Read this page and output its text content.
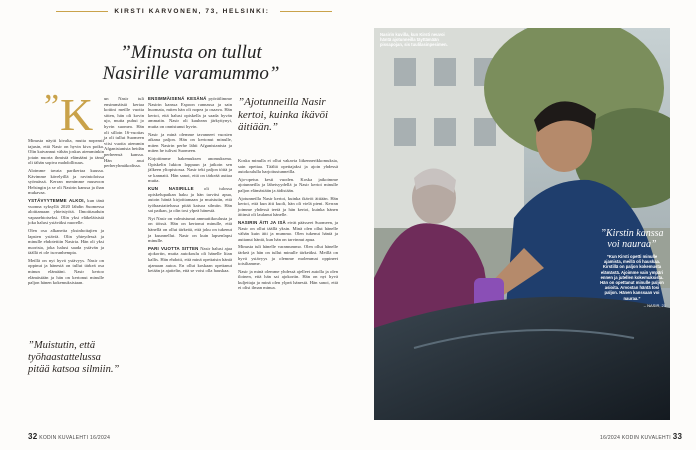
KIRSTI KARVONEN, 73, HELSINKI:
”Minusta on tullut
Nasirille varamummo”
” K

Minusta näytti kivalta, mutta nopeasti tajusin, että Nasir on hyvin kiva poika. Olin kaivannut vähän joskus aiemminkin jotain nuorta ihmistä elämääni ja tämä oli tähän sopiva mahdollisuus.

Aloimme tavata parikertaa kuussa. Kävimme kävelyillä ja ravintoloissa syömässä. Kerran menimme museoon Helsingin ja se oli Nasirin kanssa ja ihan mukavaa.

YSTÄVYYTEMME ALKOI, kun tänä vuonna syksyllä 2020 lähdin Suomessa aloittamaan yhteistyötä. Ilmoittauduin vapaaehtoiseksi. Olin yksi eläkeläisistä joka halusi ystäväksi nuorelle.

Olen osa alkaneita yksinhoitajien ja lapsien ystäviä. Olin yhteydessä ja minulle ehdotettiin Nasiria. Hän oli yksi nuorista, joka halusi saada ystävän ja täällä ei ole isovanhempia.

Meillä on nyt hyvä ystävyys. Nasir on oppinut ja hänestä on tullut tärkeä osa minun elämääni. Nasir kertoo elämästään ja hän on kertonut minulle paljon hänen kokemuksistaan.

un Nasir tuli ensimmäistä kertaa kotiini meille vuotta sitten, hän oli kovin ujo, mutta puhui jo hyvin suomea. Hän oli silloin 16-vuotias ja oli tullut Suomeen viisi vuotta aiemmin Afganistanista heidän perheensä kanssa. Hän asui perheryhmäkodissa.

”Muistutin, että työhaastattelussa pitää katsoa silmiin.”

ENSIMMÄISENÄ KESÄNÄ pyöräilimme Nasirin kanssa Espoon rannassa ja sain huomata, miten hän oli nopea ja osaava. Hän kertoi, että halusi opiskella ja saada hyvän ammatin. Nasir oli kauhean järkyttynyt, mutta on onnistunut hyvin.

Nasir ja minä olemme tavanneet vuosien aikana paljon. Hän on kertonut minulle, miten Nasirin perhe lähti Afganistanista ja miten he tulivat Suomeen.

Kirjoitimme hakemuksen anomuksena. Opiskelin lukion loppuun ja jatkoin sen jälkeen yliopistossa. Nasir teki paljon töitä ja se kannatti. Hän sanoi, että on tärkeää auttaa muita.

KUN NASIRILLE oli tulossa opiskelupaikan haku ja hän tarvitsi apua, autoin häntä kirjoittamaan ja muistutin, että työhaastattelussa pitää katsoa silmiin. Hän sai paikan, ja olin tosi ylpeä hänestä.

Nyt Nasir on valmistunut ammattikoulusta ja on töissä. Hän on kertonut minulle, että hänellä on ollut tärkeää, että joku on tukenut ja kuunnellut. Nasir on kuin lapsenlapsi minulle.

PARI VUOTTA SITTEN Nasir halusi ajaa ajokortin, mutta autokoulu oli hänelle liian kallis. Hän ehdotti, että minä opettaisin häntä ajamaan autoa. En ollut koskaan opettanut ketään ja ajattelin, että se voisi olla hauskaa.

”Ajotunneilla Nasir kertoi, kuinka ikävöi äitiään.”

Koska minulla ei ollut vakavia liikennerikkomuksia, sain opettaa. Täältä opettajaksi ja ajoin yhdessä autokoululla harjoitustunneilla.

Ajo-opetus kesti vuoden. Koska jatkoimme ajotunneilla ja läheisyydellä ja Nasir kertoi minulle paljon elämästään ja äidistään.

Ajotunneilla Nasir kertoi, kuinka ikävöi äitiään. Hän kertoi, että kun äiti kuoli, hän oli vielä pieni. Kerran joimme yhdessä teetä ja hän kertoi, kuinka hänen äitinsä oli laulanut hänelle.

NASIRIN ÄITI JA ISÄ eivät päässeet Suomeen, ja Nasir on ollut täällä yksin. Minä olen ollut hänelle vähän kuin äiti ja mummo. Olen tukenut häntä ja auttanut häntä, kun hän on tarvinnut apua.

Minusta tuli hänelle varamummo. Olen ollut hänelle tärkeä ja hän on tullut minulle tärkeäksi. Meillä on hyvä ystävyys ja olemme molemmat oppineet toisiltamme.

Nasir ja minä olemme yhdessä ajelleet autolla ja olen iloinen, että hän sai ajokortin. Hän on nyt hyvä kuljettaja ja minä olen ylpeä hänestä. Hän sanoi, että ei olisi ilman minua.

32 KODIN KUVALEHTI 16/2024	16/2024 KODIN KUVALEHTI 33
Nasirin kuvilla, kun Kirsti neuvoi häntä ajotunneilla täyttämään pissapojan, sis tuulilasinpesimen.
”Kirstin kanssa voi nauraa”
”Kun Kirsti opetti minulle ajamista, meillä oli hauskaa. Kirstillä on paljon kokemusta elämästä. Ajoimme vain ympäri ennen ja jutellen kokemuksista. Hän on opettanut minulle paljon asioita. Arvostan häntä tosi paljon. Hänen kanssaan voi nauraa.”
– NASIR, 21
